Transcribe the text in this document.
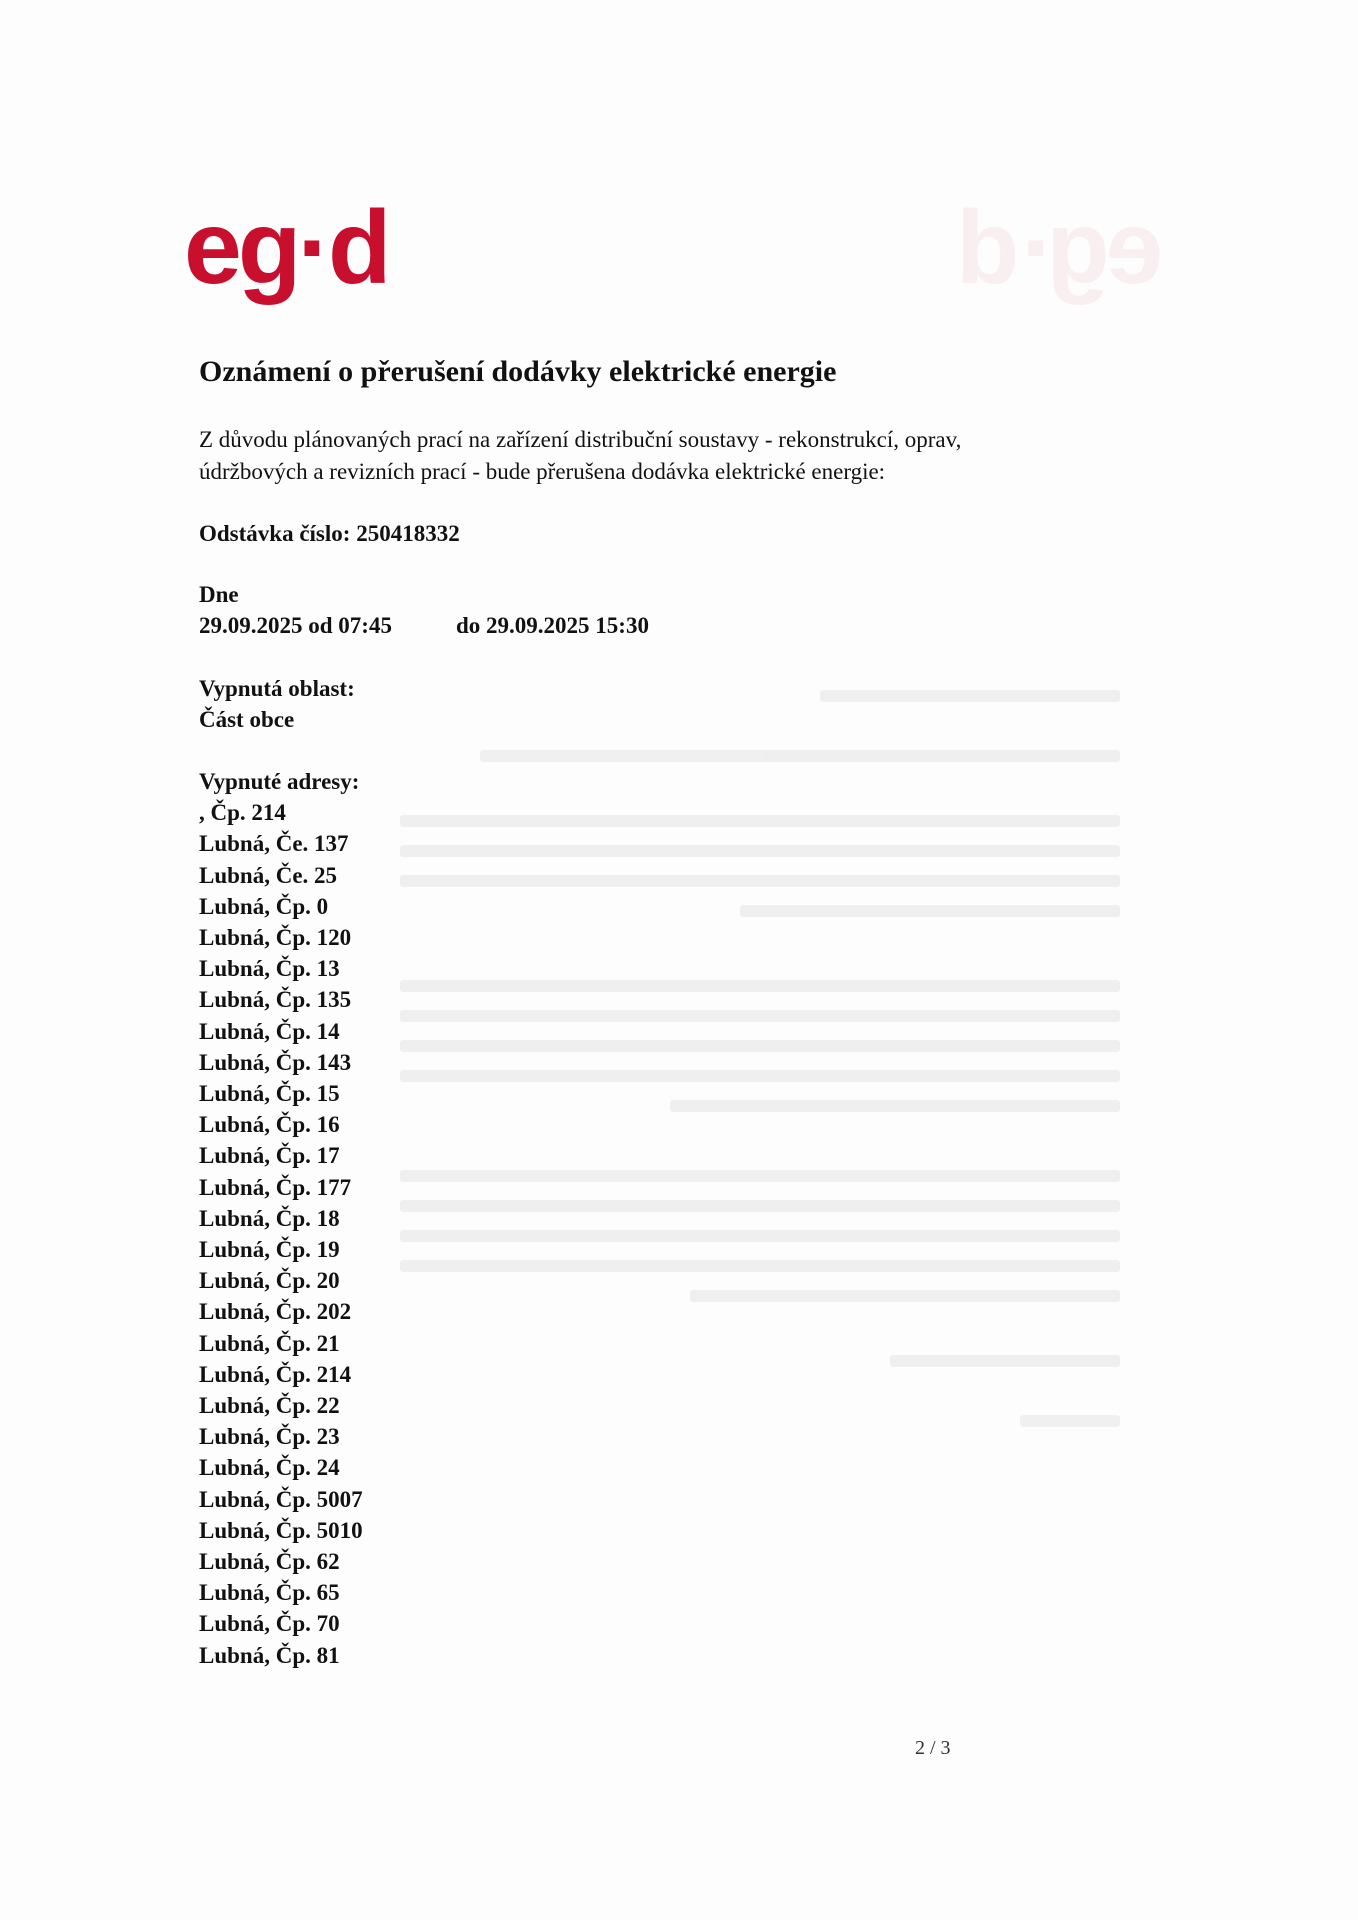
eg·d
eg·d
Oznámení o přerušení dodávky elektrické energie
Z důvodu plánovaných prací na zařízení distribuční soustavy - rekonstrukcí, oprav,
údržbových a revizních prací - bude přerušena dodávka elektrické energie:
Odstávka číslo: 250418332
Dne
29.09.2025 od 07:45	do 29.09.2025 15:30
Vypnutá oblast:
Část obce
Vypnuté adresy:
, Čp. 214
Lubná, Če. 137
Lubná, Če. 25
Lubná, Čp. 0
Lubná, Čp. 120
Lubná, Čp. 13
Lubná, Čp. 135
Lubná, Čp. 14
Lubná, Čp. 143
Lubná, Čp. 15
Lubná, Čp. 16
Lubná, Čp. 17
Lubná, Čp. 177
Lubná, Čp. 18
Lubná, Čp. 19
Lubná, Čp. 20
Lubná, Čp. 202
Lubná, Čp. 21
Lubná, Čp. 214
Lubná, Čp. 22
Lubná, Čp. 23
Lubná, Čp. 24
Lubná, Čp. 5007
Lubná, Čp. 5010
Lubná, Čp. 62
Lubná, Čp. 65
Lubná, Čp. 70
Lubná, Čp. 81
2 / 3
